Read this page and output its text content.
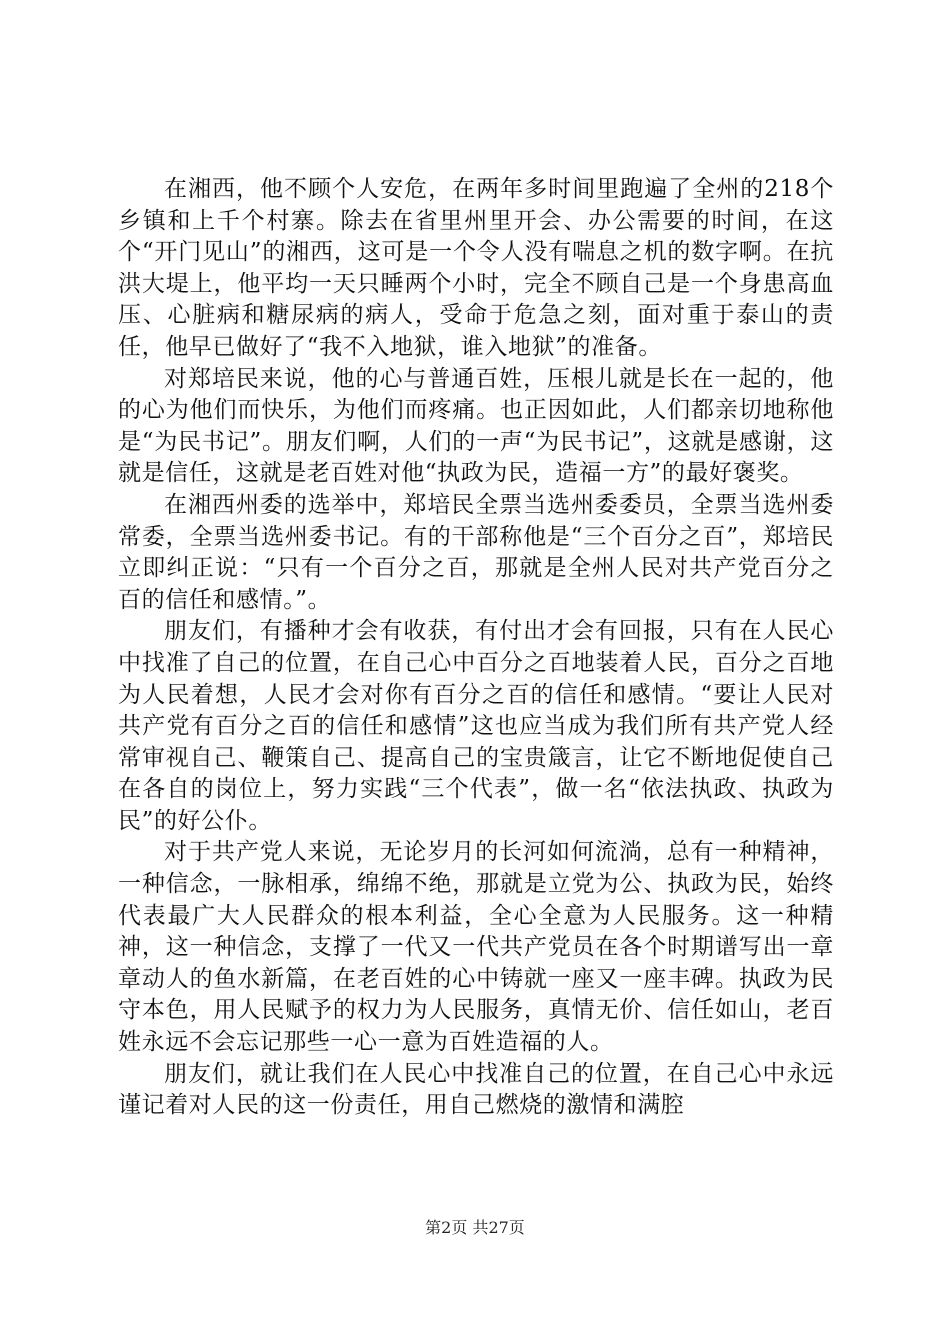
在湘西，他不顾个人安危，在两年多时间里跑遍了全州的218个乡镇和上千个村寨。除去在省里州里开会、办公需要的时间，在这个“开门见山”的湘西，这可是一个令人没有喘息之机的数字啊。在抗洪大堤上，他平均一天只睡两个小时，完全不顾自己是一个身患高血压、心脏病和糖尿病的病人，受命于危急之刻，面对重于泰山的责任，他早已做好了“我不入地狱，谁入地狱”的准备。

对郑培民来说，他的心与普通百姓，压根儿就是长在一起的，他的心为他们而快乐，为他们而疼痛。也正因如此，人们都亲切地称他是“为民书记”。朋友们啊，人们的一声“为民书记”，这就是感谢，这就是信任，这就是老百姓对他“执政为民，造福一方”的最好褒奖。

在湘西州委的选举中，郑培民全票当选州委委员，全票当选州委常委，全票当选州委书记。有的干部称他是“三个百分之百”，郑培民立即纠正说：“只有一个百分之百，那就是全州人民对共产党百分之百的信任和感情。”。

朋友们，有播种才会有收获，有付出才会有回报，只有在人民心中找准了自己的位置，在自己心中百分之百地装着人民，百分之百地为人民着想，人民才会对你有百分之百的信任和感情。“要让人民对共产党有百分之百的信任和感情”这也应当成为我们所有共产党人经常审视自己、鞭策自己、提高自己的宝贵箴言，让它不断地促使自己在各自的岗位上，努力实践“三个代表”，做一名“依法执政、执政为民”的好公仆。

对于共产党人来说，无论岁月的长河如何流淌，总有一种精神，一种信念，一脉相承，绵绵不绝，那就是立党为公、执政为民，始终代表最广大人民群众的根本利益，全心全意为人民服务。这一种精神，这一种信念，支撑了一代又一代共产党员在各个时期谱写出一章章动人的鱼水新篇，在老百姓的心中铸就一座又一座丰碑。执政为民守本色，用人民赋予的权力为人民服务，真情无价、信任如山，老百姓永远不会忘记那些一心一意为百姓造福的人。

朋友们，就让我们在人民心中找准自己的位置，在自己心中永远谨记着对人民的这一份责任，用自己燃烧的激情和满腔

第2页 共27页
